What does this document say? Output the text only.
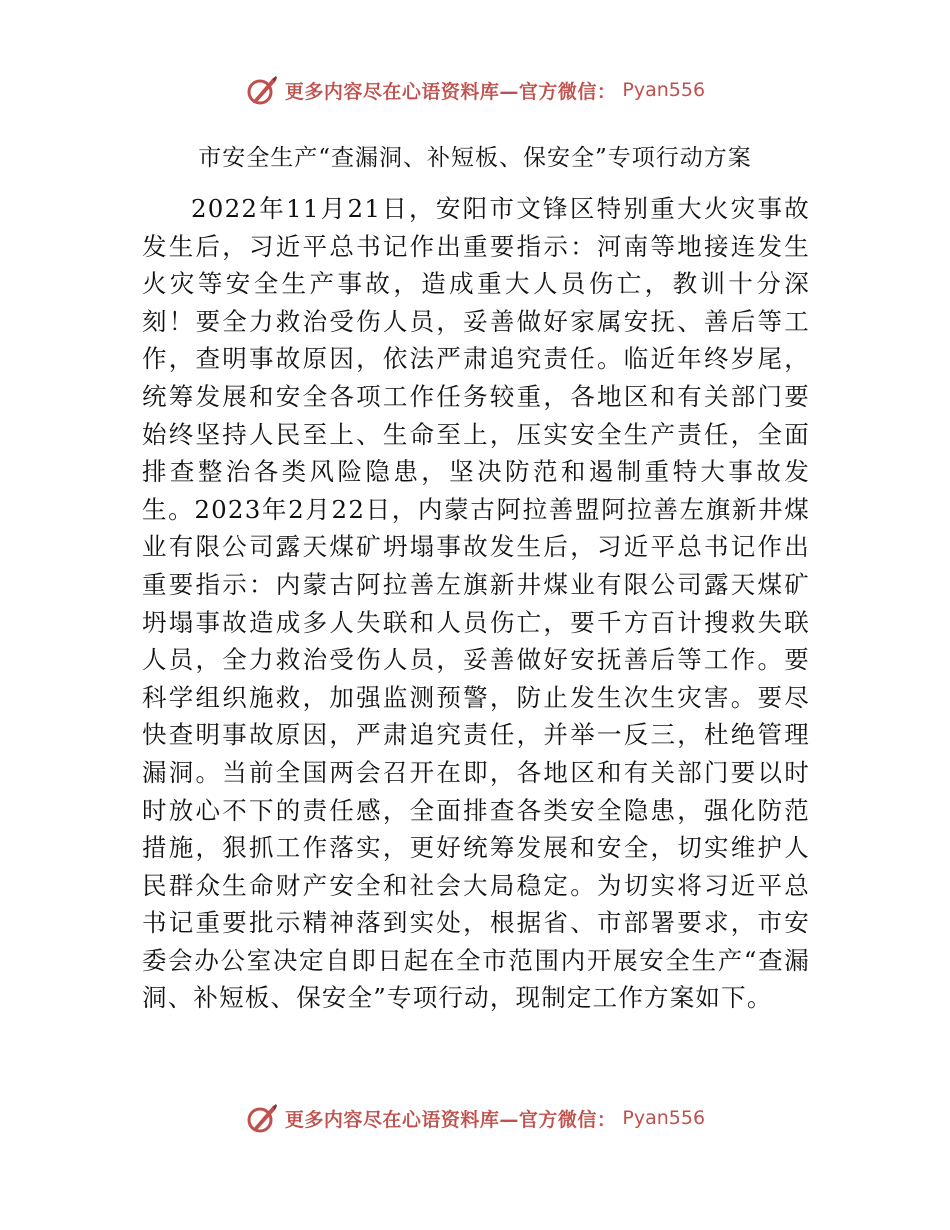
更多内容尽在心语资料库—官方微信： Pyan556
市安全生产“查漏洞、补短板、保安全”专项行动方案

2022年11月21日，安阳市文锋区特别重大火灾事故发生后，习近平总书记作出重要指示：河南等地接连发生火灾等安全生产事故，造成重大人员伤亡，教训十分深刻！要全力救治受伤人员，妥善做好家属安抚、善后等工作，查明事故原因，依法严肃追究责任。临近年终岁尾，统筹发展和安全各项工作任务较重，各地区和有关部门要始终坚持人民至上、生命至上，压实安全生产责任，全面排查整治各类风险隐患，坚决防范和遏制重特大事故发生。2023年2月22日，内蒙古阿拉善盟阿拉善左旗新井煤业有限公司露天煤矿坍塌事故发生后，习近平总书记作出重要指示：内蒙古阿拉善左旗新井煤业有限公司露天煤矿坍塌事故造成多人失联和人员伤亡，要千方百计搜救失联人员，全力救治受伤人员，妥善做好安抚善后等工作。要科学组织施救，加强监测预警，防止发生次生灾害。要尽快查明事故原因，严肃追究责任，并举一反三，杜绝管理漏洞。当前全国两会召开在即，各地区和有关部门要以时时放心不下的责任感，全面排查各类安全隐患，强化防范措施，狠抓工作落实，更好统筹发展和安全，切实维护人民群众生命财产安全和社会大局稳定。为切实将习近平总书记重要批示精神落到实处，根据省、市部署要求，市安委会办公室决定自即日起在全市范围内开展安全生产“查漏洞、补短板、保安全”专项行动，现制定工作方案如下。

更多内容尽在心语资料库—官方微信： Pyan556
